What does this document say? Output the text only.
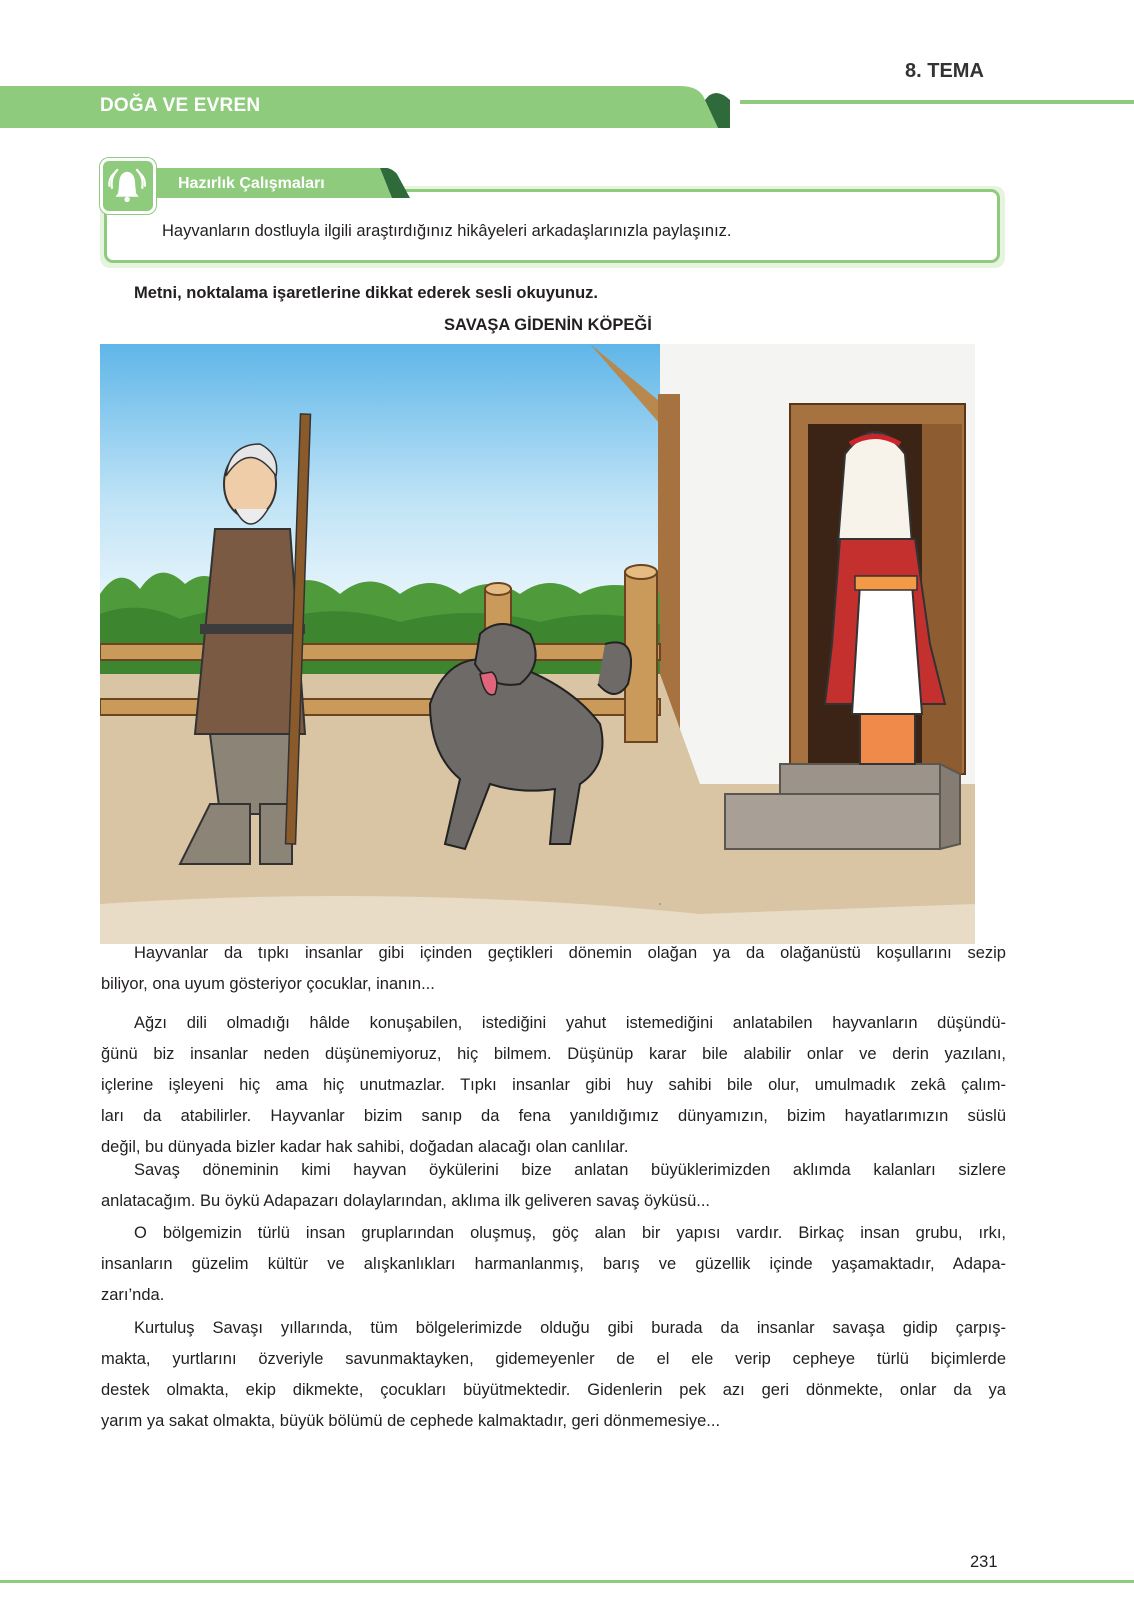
8. TEMA
DOĞA VE EVREN
Hazırlık Çalışmaları
Hayvanların dostluyla ilgili araştırdığınız hikâyeleri arkadaşlarınızla paylaşınız.
Metni, noktalama işaretlerine dikkat ederek sesli okuyunuz.
SAVAŞA GİDENİN KÖPEĞİ
Hayvanlar da tıpkı insanlar gibi içinden geçtikleri dönemin olağan ya da olağanüstü koşullarını sezip
biliyor, ona uyum gösteriyor çocuklar, inanın...
Ağzı dili olmadığı hâlde konuşabilen, istediğini yahut istemediğini anlatabilen hayvanların düşündü-
ğünü biz insanlar neden düşünemiyoruz, hiç bilmem. Düşünüp karar bile alabilir onlar ve derin yazılanı,
içlerine işleyeni hiç ama hiç unutmazlar. Tıpkı insanlar gibi huy sahibi bile olur, umulmadık zekâ çalım-
ları da atabilirler. Hayvanlar bizim sanıp da fena yanıldığımız dünyamızın, bizim hayatlarımızın süslü
değil, bu dünyada bizler kadar hak sahibi, doğadan alacağı olan canlılar.
Savaş döneminin kimi hayvan öykülerini bize anlatan büyüklerimizden aklımda kalanları sizlere
anlatacağım. Bu öykü Adapazarı dolaylarından, aklıma ilk geliveren savaş öyküsü...
O bölgemizin türlü insan gruplarından oluşmuş, göç alan bir yapısı vardır. Birkaç insan grubu, ırkı,
insanların güzelim kültür ve alışkanlıkları harmanlanmış, barış ve güzellik içinde yaşamaktadır, Adapa-
zarı’nda.
Kurtuluş Savaşı yıllarında, tüm bölgelerimizde olduğu gibi burada da insanlar savaşa gidip çarpış-
makta, yurtlarını özveriyle savunmaktayken, gidemeyenler de el ele verip cepheye türlü biçimlerde
destek olmakta, ekip dikmekte, çocukları büyütmektedir. Gidenlerin pek azı geri dönmekte, onlar da ya
yarım ya sakat olmakta, büyük bölümü de cephede kalmaktadır, geri dönmemesiye...
231
